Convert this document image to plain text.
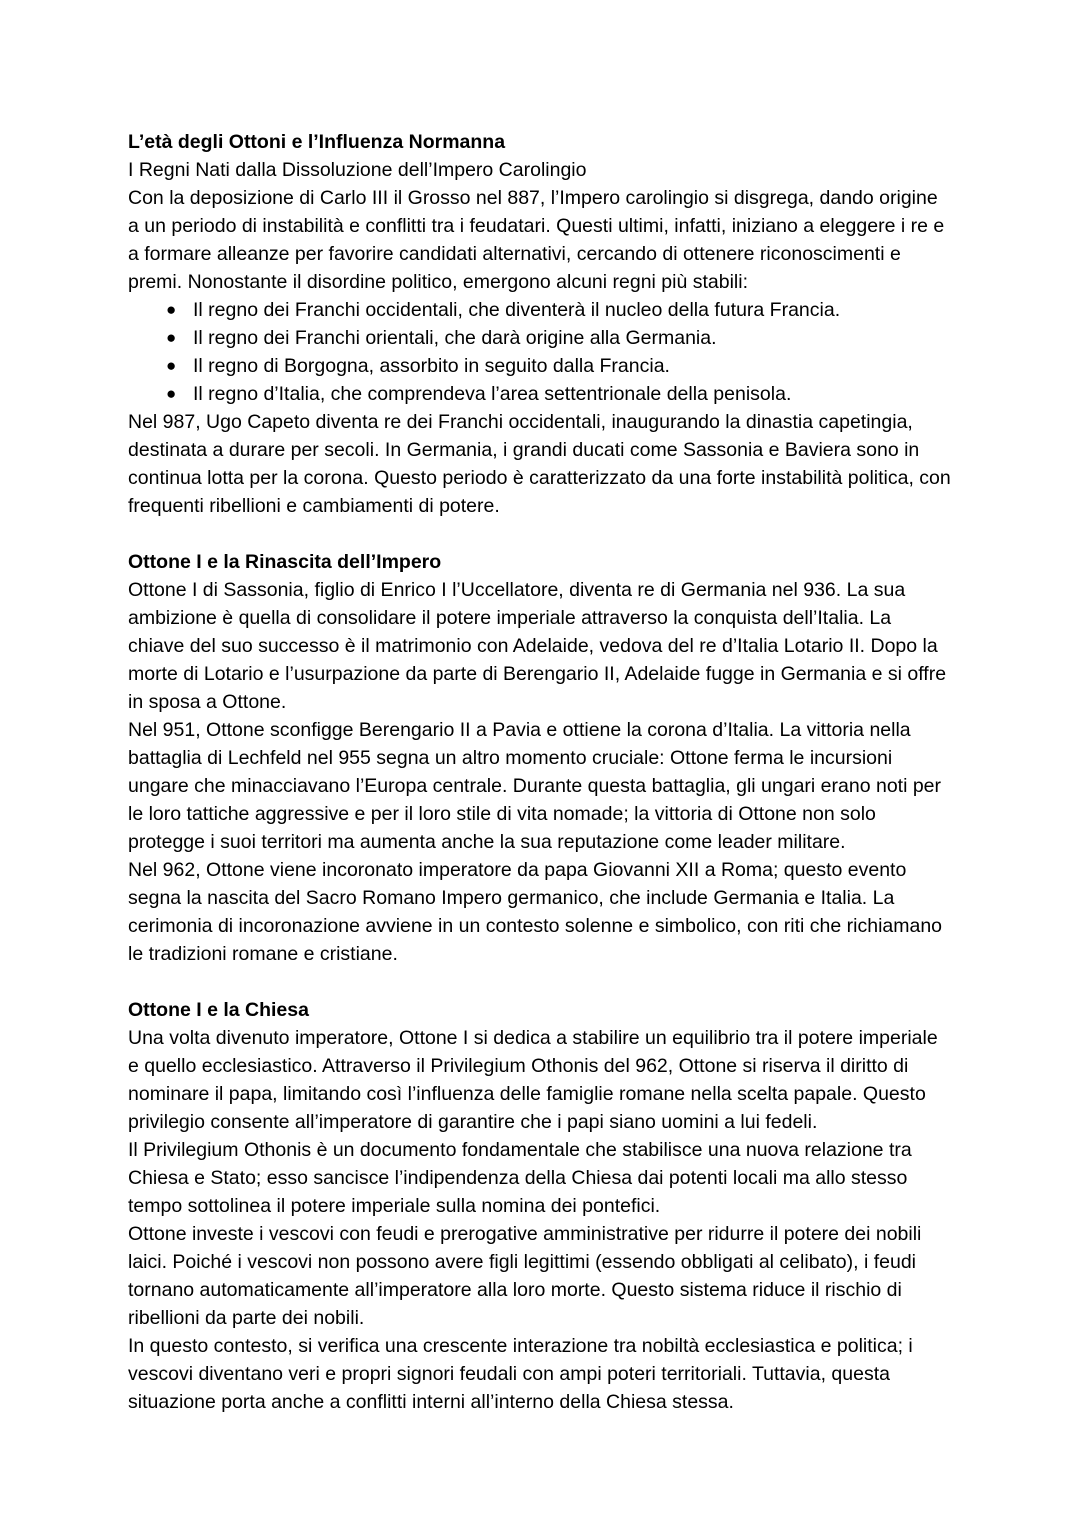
L’età degli Ottoni e l’Influenza Normanna

I Regni Nati dalla Dissoluzione dell’Impero Carolingio

Con la deposizione di Carlo III il Grosso nel 887, l’Impero carolingio si disgrega, dando origine a un periodo di instabilità e conflitti tra i feudatari. Questi ultimi, infatti, iniziano a eleggere i re e a formare alleanze per favorire candidati alternativi, cercando di ottenere riconoscimenti e premi. Nonostante il disordine politico, emergono alcuni regni più stabili:

● Il regno dei Franchi occidentali, che diventerà il nucleo della futura Francia.
● Il regno dei Franchi orientali, che darà origine alla Germania.
● Il regno di Borgogna, assorbito in seguito dalla Francia.
● Il regno d’Italia, che comprendeva l’area settentrionale della penisola.

Nel 987, Ugo Capeto diventa re dei Franchi occidentali, inaugurando la dinastia capetingia, destinata a durare per secoli. In Germania, i grandi ducati come Sassonia e Baviera sono in continua lotta per la corona. Questo periodo è caratterizzato da una forte instabilità politica, con frequenti ribellioni e cambiamenti di potere.

Ottone I e la Rinascita dell’Impero

Ottone I di Sassonia, figlio di Enrico I l’Uccellatore, diventa re di Germania nel 936. La sua ambizione è quella di consolidare il potere imperiale attraverso la conquista dell’Italia. La chiave del suo successo è il matrimonio con Adelaide, vedova del re d’Italia Lotario II. Dopo la morte di Lotario e l’usurpazione da parte di Berengario II, Adelaide fugge in Germania e si offre in sposa a Ottone.

Nel 951, Ottone sconfigge Berengario II a Pavia e ottiene la corona d’Italia. La vittoria nella battaglia di Lechfeld nel 955 segna un altro momento cruciale: Ottone ferma le incursioni ungare che minacciavano l’Europa centrale. Durante questa battaglia, gli ungari erano noti per le loro tattiche aggressive e per il loro stile di vita nomade; la vittoria di Ottone non solo protegge i suoi territori ma aumenta anche la sua reputazione come leader militare.

Nel 962, Ottone viene incoronato imperatore da papa Giovanni XII a Roma; questo evento segna la nascita del Sacro Romano Impero germanico, che include Germania e Italia. La cerimonia di incoronazione avviene in un contesto solenne e simbolico, con riti che richiamano le tradizioni romane e cristiane.

Ottone I e la Chiesa

Una volta divenuto imperatore, Ottone I si dedica a stabilire un equilibrio tra il potere imperiale e quello ecclesiastico. Attraverso il Privilegium Othonis del 962, Ottone si riserva il diritto di nominare il papa, limitando così l’influenza delle famiglie romane nella scelta papale. Questo privilegio consente all’imperatore di garantire che i papi siano uomini a lui fedeli.

Il Privilegium Othonis è un documento fondamentale che stabilisce una nuova relazione tra Chiesa e Stato; esso sancisce l’indipendenza della Chiesa dai potenti locali ma allo stesso tempo sottolinea il potere imperiale sulla nomina dei pontefici.

Ottone investe i vescovi con feudi e prerogative amministrative per ridurre il potere dei nobili laici. Poiché i vescovi non possono avere figli legittimi (essendo obbligati al celibato), i feudi tornano automaticamente all’imperatore alla loro morte. Questo sistema riduce il rischio di ribellioni da parte dei nobili.

In questo contesto, si verifica una crescente interazione tra nobiltà ecclesiastica e politica; i vescovi diventano veri e propri signori feudali con ampi poteri territoriali. Tuttavia, questa situazione porta anche a conflitti interni all’interno della Chiesa stessa.
